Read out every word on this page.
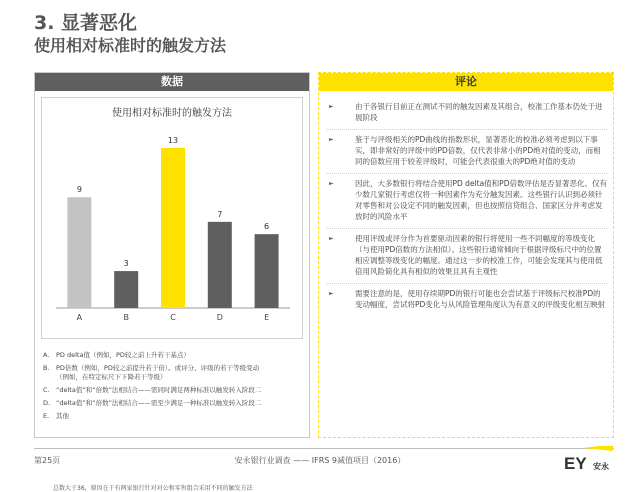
3. 显著恶化
使用相对标准时的触发方法
数据
使用相对标准时的触发方法
9
A
3
B
13
C
7
D
6
E
A.	PD delta值（例如，PD较之前上升若干基点）
B. PD倍数（例如，PD较之前提升若干倍）。或评分、评级的若干等级变动
（例如，在特定标尺下下降若干等级）
C. “delta值”和“倍数”法相结合——需同时满足两种标准以触发转入阶段二
D. “delta值”和“倍数”法相结合——需至少满足一种标准以触发转入阶段二
E.	其他
总数大于36，原因在于有两家银行针对对公和零售组合采用不同的触发方法
评论
►	由于各银行目前正在测试不同的触发因素及其组合，校准工作基本仍处于进展阶段
►	鉴于与评级相关的PD曲线的指数形状，显著恶化的校准必须考虑到以下事实，即非常好的评级中的PD倍数，仅代表非常小的PD绝对值的变动，而相同的倍数应用于较差评级时，可能会代表很重大的PD绝对值的变动
►	因此，大多数银行将结合使用PD delta值和PD倍数评估是否显著恶化。仅有少数几家银行考虑仅将一种因素作为充分触发因素。这些银行认识到必须针对零售和对公设定不同的触发因素，但也按照信贷组合、国家区分并考虑发放时的风险水平
►	使用评级或评分作为首要驱动因素的银行将使用一些不同幅度的等级变化（与使用PD倍数的方法相似）。这些银行通常倾向于根据评级标尺中的位置相应调整等级变化的幅度。通过这一步的校准工作，可能会发现其与使用低倍用风险简化具有相似的效果且具有主观性
►	需要注意的是，使用存续期PD的银行可能也会尝试基于评级标尺校准PD的变动幅度，尝试将PD变化与从风险管理角度认为有意义的评级变化相互映射
第25页	安永银行业调查 —— IFRS 9减值项目（2016）	EY 安永
